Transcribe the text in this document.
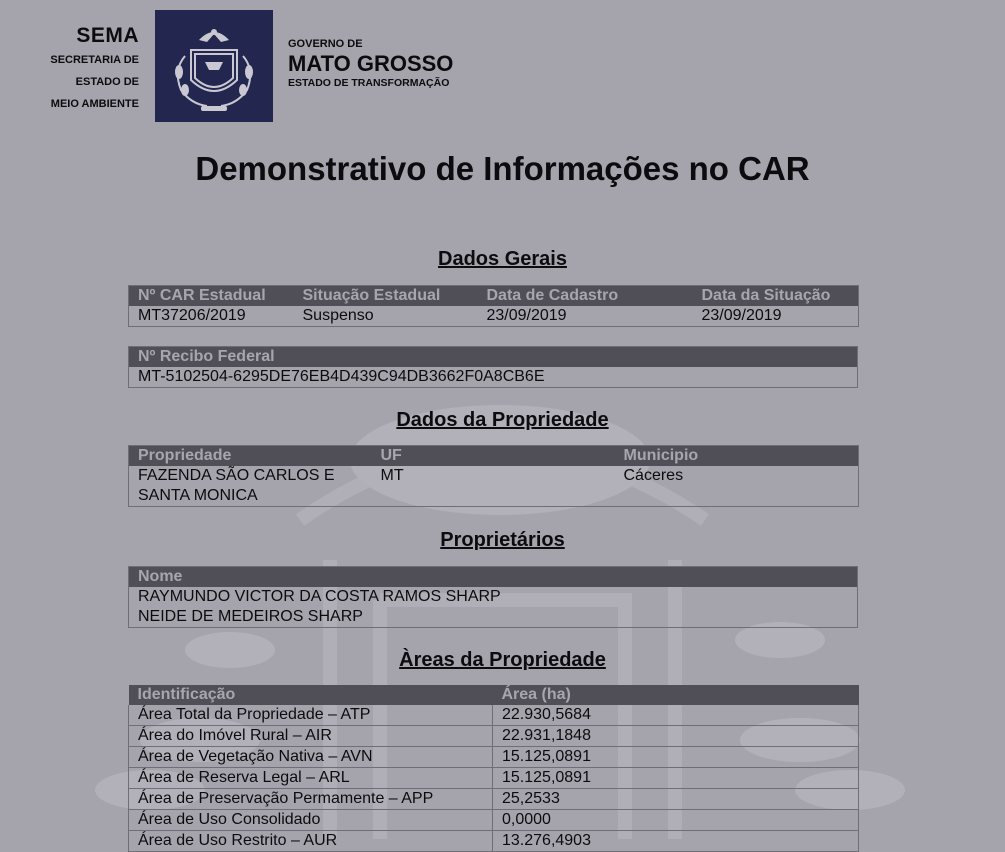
SEMA
SECRETARIA DE
ESTADO DE
MEIO AMBIENTE
GOVERNO DE
MATO GROSSO
ESTADO DE TRANSFORMAÇÃO
Demonstrativo de Informações no CAR
Dados Gerais
Nº CAR Estadual	Situação Estadual	Data de Cadastro	Data da Situação
MT37206/2019	Suspenso	23/09/2019	23/09/2019
Nº Recibo Federal
MT-5102504-6295DE76EB4D439C94DB3662F0A8CB6E
Dados da Propriedade
Propriedade	UF	Municipio

FAZENDA SÃO CARLOS E
SANTA MONICA	MT	Cáceres
Proprietários
Nome

RAYMUNDO VICTOR DA COSTA RAMOS SHARP
NEIDE DE MEDEIROS SHARP
Àreas da Propriedade
Identificação	Área (ha)
Área Total da Propriedade – ATP	22.930,5684
Área do Imóvel Rural – AIR	22.931,1848
Área de Vegetação Nativa – AVN	15.125,0891
Área de Reserva Legal – ARL	15.125,0891
Área de Preservação Permamente – APP	25,2533
Área de Uso Consolidado	0,0000
Área de Uso Restrito – AUR	13.276,4903
